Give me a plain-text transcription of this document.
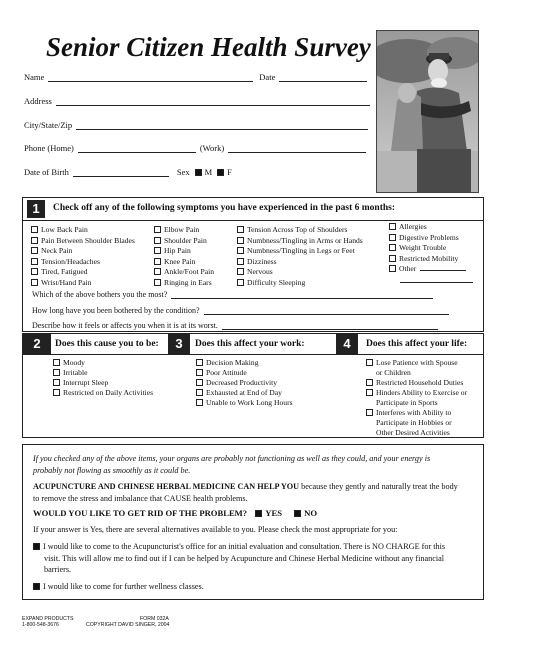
Senior Citizen Health Survey
Name	Date
Address
City/State/Zip
Phone (Home)	(Work)
Date of Birth	Sex	M	F
1	Check off any of the following symptoms you have experienced in the past 6 months:
Low Back Pain
Pain Between Shoulder Blades
Neck Pain
Tension/Headaches
Tired, Fatigued
Wrist/Hand Pain
Elbow Pain
Shoulder Pain
Hip Pain
Knee Pain
Ankle/Foot Pain
Ringing in Ears
Tension Across Top of Shoulders
Numbness/Tingling in Arms or Hands
Numbness/Tingling in Legs or Feet
Dizziness
Nervous
Difficulty Sleeping
Allergies
Digestive Problems
Weight Trouble
Restricted Mobility
Other
Which of the above bothers you the most?
How long have you been bothered by the condition?
Describe how it feels or affects you when it is at its worst.
2	Does this cause you to be:	3	Does this affect your work:	4	Does this affect your life:
Moody
Irritable
Interrupt Sleep
Restricted on Daily Activities
Decision Making
Poor Attitude
Decreased Productivity
Exhausted at End of Day
Unable to Work Long Hours
Lose Patience with Spouse
or Children
Restricted Household Duties
Hinders Ability to Exercise or
Participate in Sports
Interferes with Ability to
Participate in Hobbies or
Other Desired Activities

If you checked any of the above items, your organs are probably not functioning as well as they could, and your energy is

probably not flowing as smoothly as it could be.

ACUPUNCTURE AND CHINESE HERBAL MEDICINE CAN HELP YOU because they gently and naturally treat the body

to remove the stress and imbalance that CAUSE health problems.

WOULD YOU LIKE TO GET RID OF THE PROBLEM? YES	NO

If your answer is Yes, there are several alternatives available to you. Please check the most appropriate for you:

I would like to come to the Acupuncturist's office for an initial evaluation and consultation. There is NO CHARGE for this

visit. This will allow me to find out if I can be helped by Acupuncture and Chinese Herbal Medicine without any financial

barriers.

I would like to come for further wellness classes.

EXPAND PRODUCTS	FORM 032A
1-800-548-3676	COPYRIGHT DAVID SINGER, 2004
